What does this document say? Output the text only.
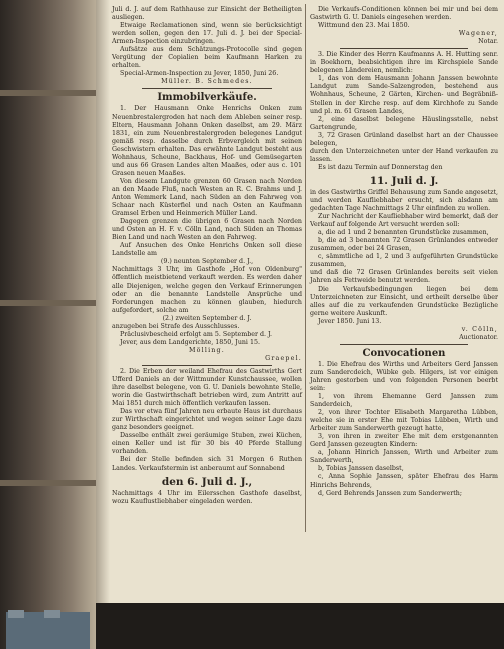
Juli d. J. auf dem Rathhause zur Einsicht der Betheiligten ausliegen.

Etwaige Reclamationen sind, wenn sie berücksichtigt werden sollen, gegen den 17. Juli d. J. bei der Special-Armen-Inspection einzubringen.

Aufsätze aus dem Schätzungs-Protocolle sind gegen Vergütung der Copialien beim Kaufmann Harken zu erhalten.

Special-Armen-Inspection zu Jever, 1850, Juni 26.

Müller. B. Schmedes.

Immobilverkäufe.

1. Der Hausmann Onke Henrichs Onken zum Neuenbrestalergroden hat nach dem Ableben seiner resp. Eltern, Hausmann Johann Onken daselbst, am 29. März 1831, ein zum Neuenbrestalergroden belegenes Landgut gemäß resp. dasselbe durch Erbvergleich mit seinen Geschwistern erhalten. Das erwähnte Landgut besteht aus Wohnhaus, Scheune, Backhaus, Hof- und Gemüsegarten und aus 66 Grasen Landes alten Maaßes, oder aus c. 101 Grasen neuen Maaßes.

Von diesem Landgute grenzen 60 Grasen nach Norden an den Maade Fluß, nach Westen an R. C. Brahms und J. Anton Wemmerk Land, nach Süden an den Fahrweg von Schaar nach Küsterfiel und nach Osten an Kaufmann Gramsel Erben und Heinmerich Müller Land.

Dagegen grenzen die übrigen 6 Grasen nach Norden und Osten an H. F. v. Cölln Land, nach Süden an Thomas Bien Land und nach Westen an den Fahrweg.

Auf Ansuchen des Onke Henrichs Onken soll diese Landstelle am

(9.) neunten September d. J.,

Nachmittags 3 Uhr, im Gasthofe „Hof von Oldenburg" öffentlich meistbietend verkauft werden. Es werden daher alle Diejenigen, welche gegen den Verkauf Erinnerungen oder an die benannte Landstelle Ansprüche und Forderungen machen zu können glauben, hiedurch aufgefordert, solche am

(2.) zweiten September d. J.

anzugeben bei Strafe des Ausschlusses.

Präclusivbescheid erfolgt am 5. September d. J.

Jever, aus dem Landgerichte, 1850, Juni 15.

Mölling.

Graepel.

2. Die Erben der weiland Ehefrau des Gastwirths Gert Ufferd Daniels an der Wittmunder Kunstchaussee, wollen ihre daselbst belegene, von G. U. Daniels bewohnte Stelle, worin die Gastwirthschaft betrieben wird, zum Antritt auf Mai 1851 durch mich öffentlich verkaufen lassen.

Das vor etwa fünf Jahren neu erbaute Haus ist durchaus zur Wirthschaft eingerichtet und wegen seiner Lage dazu ganz besonders geeignet.

Dasselbe enthält zwei geräumige Stuben, zwei Küchen, einen Keller und ist für 30 bis 40 Pferde Stallung vorhanden.

Bei der Stelle befinden sich 31 Morgen 6 Ruthen Landes. Verkaufstermin ist anberaumt auf Sonnabend

den 6. Juli d. J.,

Nachmittags 4 Uhr im Eilersschen Gasthofe daselbst, wozu Kauflustliebhaber eingeladen werden.

Die Verkaufs-Conditionen können bei mir und bei dem Gastwirth G. U. Daniels eingesehen werden.

Wittmund den 23. Mai 1850.

Wagener,

Notar.

3. Die Kinder des Herrn Kaufmanns A. H. Hutting senr. in Boekhorn, beabsichtigen ihre im Kirchspiele Sande belegenen Ländereien, nemlich:

1, das von dem Hausmann Johann Janssen bewohnte Landgut zum Sande-Salzengroden, bestehend aus Wohnhaus, Scheune, 2 Gärten, Kirchen- und Begräbniß-Stellen in der Kirche resp. auf dem Kirchhofe zu Sande und pl. m. 61 Grasen Landes,

2, eine daselbst belegene Häuslingsstelle, nebst Gartengrunde,

3, 72 Grasen Grünland daselbst hart an der Chaussee belegen,

durch den Unterzeichneten unter der Hand verkaufen zu lassen.

Es ist dazu Termin auf Donnerstag den

11. Juli d. J.

in des Gastwirths Griffel Behausung zum Sande angesetzt, und werden Kaufliebhaber ersucht, sich alsdann am gedachten Tage Nachmittags 2 Uhr einfinden zu wollen.

Zur Nachricht der Kaufliebhaber wird bemerkt, daß der Verkauf auf folgende Art versucht werden soll:

a, die ad 1 und 2 benannten Grundstücke zusammen,

b, die ad 3 benannten 72 Grasen Grünlandes entweder zusammen, oder bei 24 Grasen,

c, sämmtliche ad 1, 2 und 3 aufgeführten Grundstücke zusammen,

und daß die 72 Grasen Grünlandes bereits seit vielen Jahren als Fettweide benutzt werden.

Die Verkaufsbedingungen liegen bei dem Unterzeichneten zur Einsicht, und ertheilt derselbe über alles auf die zu verkaufenden Grundstücke Bezügliche gerne weitere Auskunft.

Jever 1850. Juni 13.

v. Cölln,

Auctionator.

Convocationen

1. Die Ehefrau des Wirths und Arbeiters Gerd Janssen zum Sandercdeich, Wübke geb. Hilgers, ist vor einigen Jahren gestorben und von folgenden Personen beerbt sein:

1, von ihrem Ehemanne Gerd Janssen zum Sanderdeich,

2, von ihrer Tochter Elisabeth Margaretha Lübben, welche sie in erster Ehe mit Tobias Lübben, Wirth und Arbeiter zum Sanderwerth gezeugt hatte,

3, von ihren in zweiter Ehe mit dem erstgenannten Gerd Janssen gezeugten Kindern:

a, Johann Hinrich Janssen, Wirth und Arbeiter zum Sanderwerth,

b, Tobias Janssen daselbst,

c, Anna Sophie Janssen, später Ehefrau des Harm Hinrichs Behrends,

d, Gerd Behrends Janssen zum Sanderwerth;
